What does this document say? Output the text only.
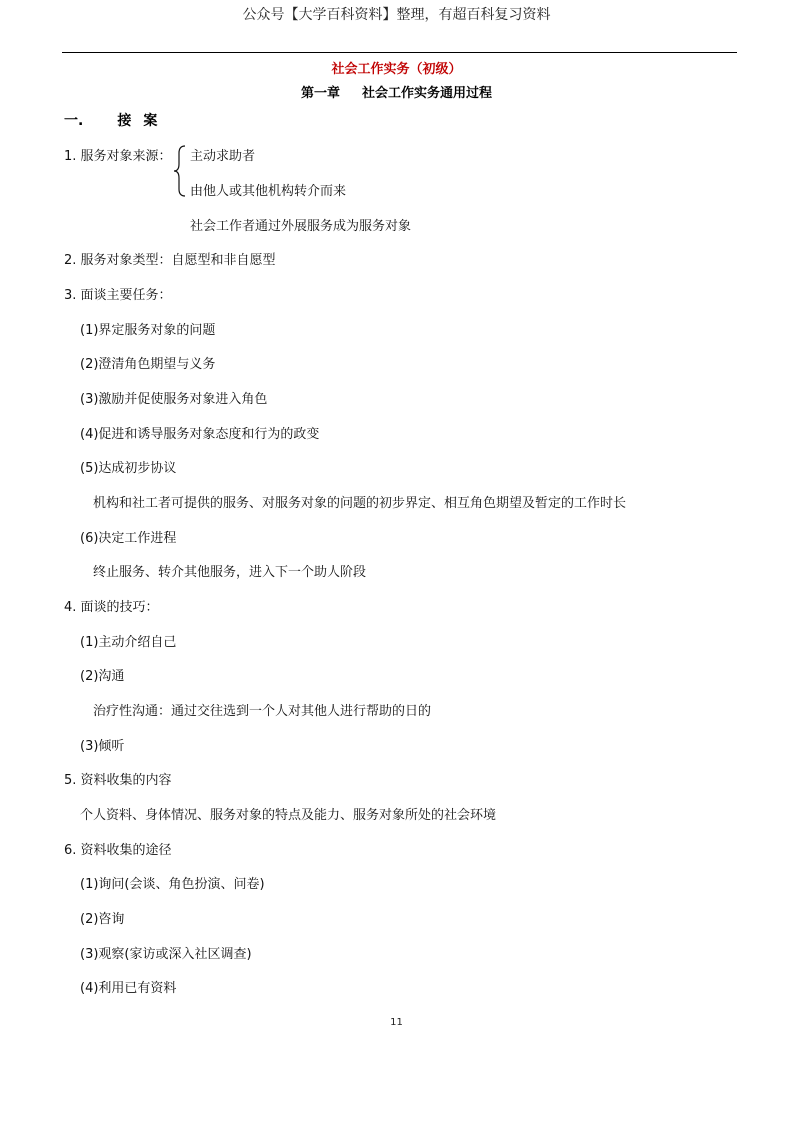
公众号【大学百科资料】整理，有超百科复习资料
社会工作实务（初级）
第一章 社会工作实务通用过程
一. 接 案
1. 服务对象来源： 主动求助者
由他人或其他机构转介而来
社会工作者通过外展服务成为服务对象
2. 服务对象类型：自愿型和非自愿型
3. 面谈主要任务：
(1)界定服务对象的问题
(2)澄清角色期望与义务
(3)激励并促使服务对象进入角色
(4)促进和诱导服务对象态度和行为的政变
(5)达成初步协议
机构和社工者可提供的服务、对服务对象的问题的初步界定、相互角色期望及暂定的工作时长
(6)决定工作进程
终止服务、转介其他服务，进入下一个助人阶段
4. 面谈的技巧：
(1)主动介绍自己
(2)沟通
治疗性沟通：通过交往选到一个人对其他人进行帮助的日的
(3)倾听
5. 资料收集的内容
个人资料、身体情况、服务对象的特点及能力、服务对象所处的社会环境
6. 资料收集的途径
(1)询问(会谈、角色扮演、问卷)
(2)咨询
(3)观察(家访或深入社区调查)
(4)利用已有资料
11
